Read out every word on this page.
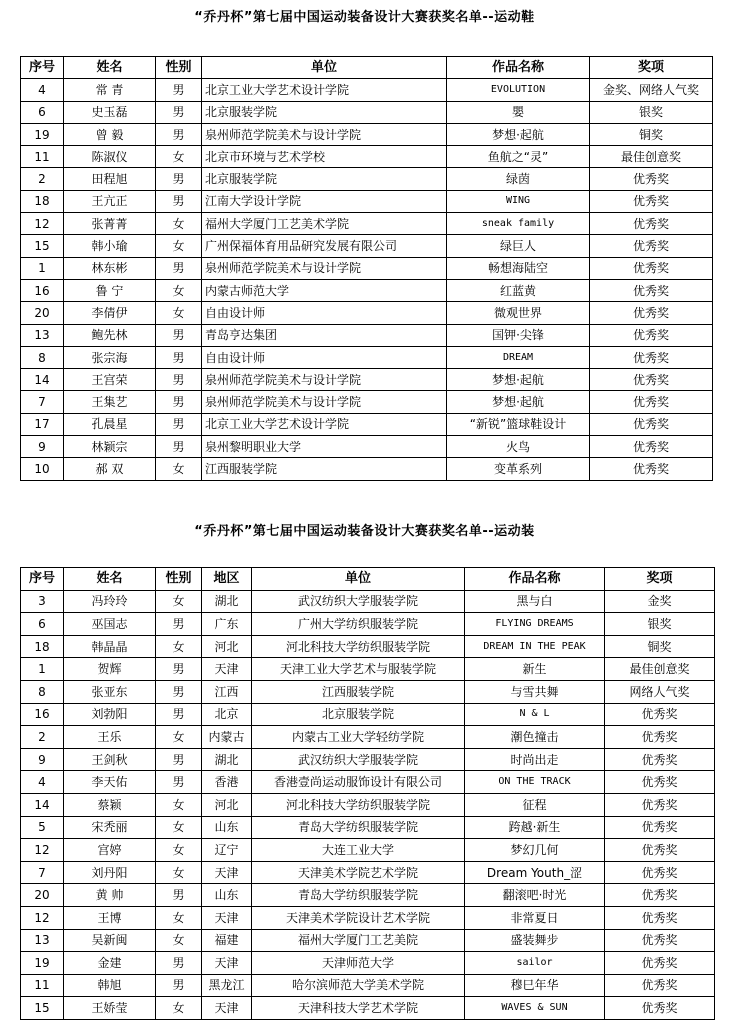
“乔丹杯”第七届中国运动装备设计大赛获奖名单--运动鞋
序号	姓名	性别	单位	作品名称	奖项
4	常 青	男	北京工业大学艺术设计学院	EVOLUTION	金奖、网络人气奖
6	史玉磊	男	北京服装学院	嬰	银奖
19	曾 毅	男	泉州师范学院美术与设计学院	梦想·起航	铜奖
11	陈淑仪	女	北京市环境与艺术学校	鱼航之“灵”	最佳创意奖
2	田程旭	男	北京服装学院	绿茵	优秀奖
18	王亢正	男	江南大学设计学院	WING	优秀奖
12	张菁菁	女	福州大学厦门工艺美术学院	sneak family	优秀奖
15	韩小瑜	女	广州保福体育用品研究发展有限公司	绿巨人	优秀奖
1	林东彬	男	泉州师范学院美术与设计学院	畅想海陆空	优秀奖
16	鲁 宁	女	内蒙古师范大学	红蓝黄	优秀奖
20	李倩伊	女	自由设计师	微观世界	优秀奖
13	鲍先林	男	青岛亨达集团	国钾·尖锋	优秀奖
8	张宗海	男	自由设计师	DREAM	优秀奖
14	王宫荣	男	泉州师范学院美术与设计学院	梦想·起航	优秀奖
7	王集艺	男	泉州师范学院美术与设计学院	梦想·起航	优秀奖
17	孔晨星	男	北京工业大学艺术设计学院	“新锐”篮球鞋设计	优秀奖
9	林颖宗	男	泉州黎明职业大学	火鸟	优秀奖
10	郝 双	女	江西服装学院	变革系列	优秀奖
“乔丹杯”第七届中国运动装备设计大赛获奖名单--运动装
序号	姓名	性别	地区	单位	作品名称	奖项
3	冯玲玲	女	湖北	武汉纺织大学服装学院	黑与白	金奖
6	巫国志	男	广东	广州大学纺织服装学院	FLYING DREAMS	银奖
18	韩晶晶	女	河北	河北科技大学纺织服装学院	DREAM IN THE PEAK	铜奖
1	贺辉	男	天津	天津工业大学艺术与服装学院	新生	最佳创意奖
8	张亚东	男	江西	江西服装学院	与雪共舞	网络人气奖
16	刘勃阳	男	北京	北京服装学院	N & L	优秀奖
2	王乐	女	内蒙古	内蒙古工业大学轻纺学院	潮色撞击	优秀奖
9	王剑秋	男	湖北	武汉纺织大学服装学院	时尚出走	优秀奖
4	李天佑	男	香港	香港壹尚运动服饰设计有限公司	ON THE TRACK	优秀奖
14	蔡颖	女	河北	河北科技大学纺织服装学院	征程	优秀奖
5	宋秃丽	女	山东	青岛大学纺织服装学院	跨越·新生	优秀奖
12	宫婷	女	辽宁	大连工业大学	梦幻几何	优秀奖
7	刘丹阳	女	天津	天津美术学院艺术学院	Dream Youth_涩	优秀奖
20	黄 帅	男	山东	青岛大学纺织服装学院	翻滚吧·时光	优秀奖
12	王博	女	天津	天津美术学院设计艺术学院	非常夏日	优秀奖
13	吴新闽	女	福建	福州大学厦门工艺美院	盛装舞步	优秀奖
19	金建	男	天津	天津师范大学	sailor	优秀奖
11	韩旭	男	黑龙江	哈尔滨师范大学美术学院	穆巳年华	优秀奖
15	王娇莹	女	天津	天津科技大学艺术学院	WAVES & SUN	优秀奖
